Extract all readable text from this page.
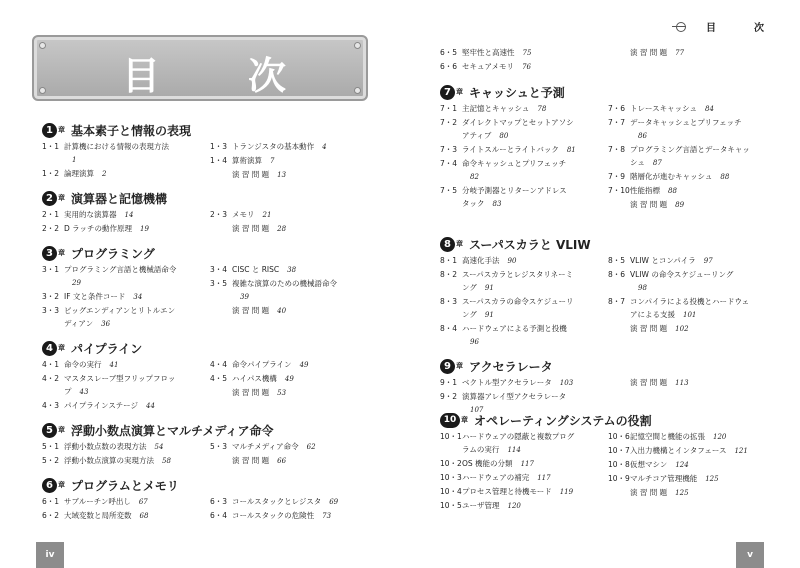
目 次
1 章 基本素子と情報の表現
1・1 計算機における情報の表現方法
1
1・2 論理演算 2
1・3 トランジスタの基本動作 4
1・4 算術演算 7
演 習 問 題 13
2 章 演算器と記憶機構
2・1 実用的な演算器 14
2・2 D ラッチの動作原理 19
2・3 メモリ 21
演 習 問 題 28
3 章 プログラミング
3・1 プログラミング言語と機械語命令
29
3・2 IF 文と条件コード 34
3・3 ビッグエンディアンとリトルエン
ディアン 36
3・4 CISC と RISC 38
3・5 複雑な演算のための機械語命令
39
演 習 問 題 40
4 章 パイプライン
4・1 命令の実行 41
4・2 マスタスレーブ型フリップフロッ
プ 43
4・3 パイプラインステージ 44
4・4 命令パイプライン 49
4・5 ハイパス機構 49
演 習 問 題 53
5 章 浮動小数点演算とマルチメディア命令
5・1 浮動小数点数の表現方法 54
5・2 浮動小数点演算の実現方法 58
5・3 マルチメディア命令 62
演 習 問 題 66
6 章 プログラムとメモリ
6・1 サブルーチン呼出し 67
6・2 大域変数と局所変数 68
6・3 コールスタックとレジスタ 69
6・4 コールスタックの危険性 73
iv
目	次
6・5 堅牢性と高速性 75
6・6 セキュアメモリ 76
演 習 問 題 77
7 章 キャッシュと予測
7・1 主記憶とキャッシュ 78
7・2 ダイレクトマップとセットアソシ
アティブ 80
7・3 ライトスルーとライトバック 81
7・4 命令キャッシュとプリフェッチ
82
7・5 分岐予測器とリターンアドレス
タック 83
7・6 トレースキャッシュ 84
7・7 データキャッシュとプリフェッチ
86
7・8 プログラミング言語とデータキャッ
シュ 87
7・9 階層化が進むキャッシュ 88
7・10性能指標 88
演 習 問 題 89
8 章 スーパスカラと VLIW
8・1 高速化手法 90
8・2 スーパスカラとレジスタリネーミ
ング 91
8・3 スーパスカラの命令スケジューリ
ング 91
8・4 ハードウェアによる予測と投機
96
8・5 VLIW とコンパイラ 97
8・6 VLIW の命令スケジューリング
98
8・7 コンパイラによる投機とハードウェ
アによる支援 101
演 習 問 題 102
9 章 アクセラレータ
9・1 ベクトル型アクセラレータ 103
9・2 演算器アレイ型アクセラレータ
107
演 習 問 題 113
10 章 オペレーティングシステムの役割
10・1ハードウェアの隠蔽と複数プログ
ラムの実行 114
10・2OS 機能の分類 117
10・3ハードウェアの補完 117
10・4プロセス管理と待機モード 119
10・5ユーザ管理 120
10・6記憶空間と機能の拡張 120
10・7入出力機構とインタフェース 121
10・8仮想マシン 124
10・9マルチコア管理機能 125
演 習 問 題 125
v
